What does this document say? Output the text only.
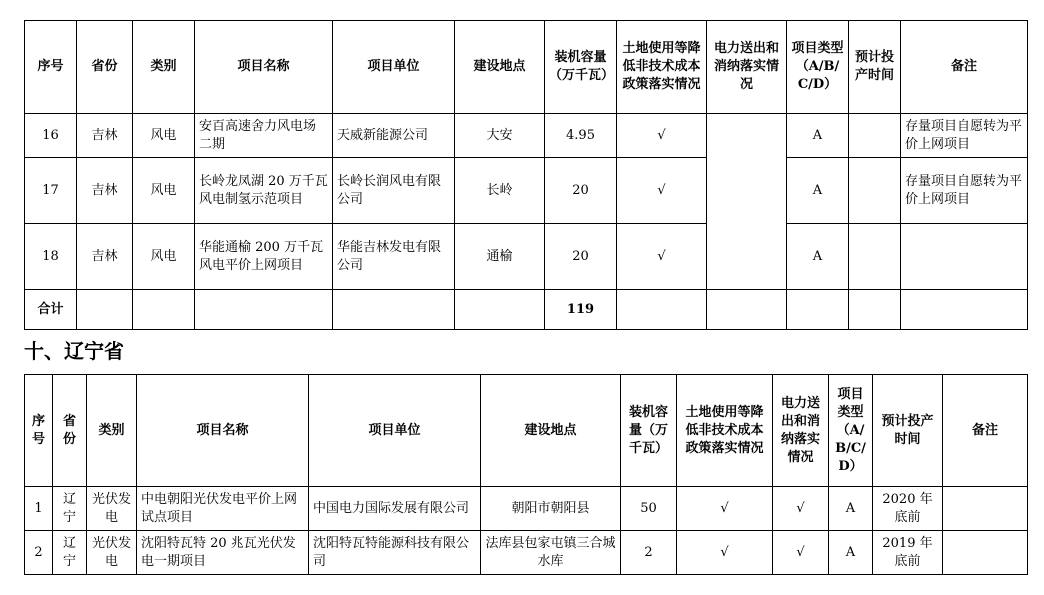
序号	省份	类别	项目名称	项目单位	建设地点	装机容量（万千瓦）	土地使用等降低非技术成本政策落实情况	电力送出和消纳落实情况	项目类型（A/B/C/D）	预计投产时间	备注
16	吉林	风电	安百高速舍力风电场二期	天威新能源公司	大安	4.95	√		A		存量项目自愿转为平价上网项目
17	吉林	风电	长岭龙凤湖 20 万千瓦风电制氢示范项目	长岭长润风电有限公司	长岭	20	√		A		存量项目自愿转为平价上网项目
18	吉林	风电	华能通榆 200 万千瓦风电平价上网项目	华能吉林发电有限公司	通榆	20	√		A		
合计						119					
十、辽宁省
序号	省份	类别	项目名称	项目单位	建设地点	装机容量（万千瓦）	土地使用等降低非技术成本政策落实情况	电力送出和消纳落实情况	项目类型（A/B/C/D）	预计投产时间	备注
1	辽宁	光伏发电	中电朝阳光伏发电平价上网试点项目	中国电力国际发展有限公司	朝阳市朝阳县	50	√	√	A	2020 年底前	
2	辽宁	光伏发电	沈阳特瓦特 20 兆瓦光伏发电一期项目	沈阳特瓦特能源科技有限公司	法库县包家屯镇三合城水库	2	√	√	A	2019 年底前	
